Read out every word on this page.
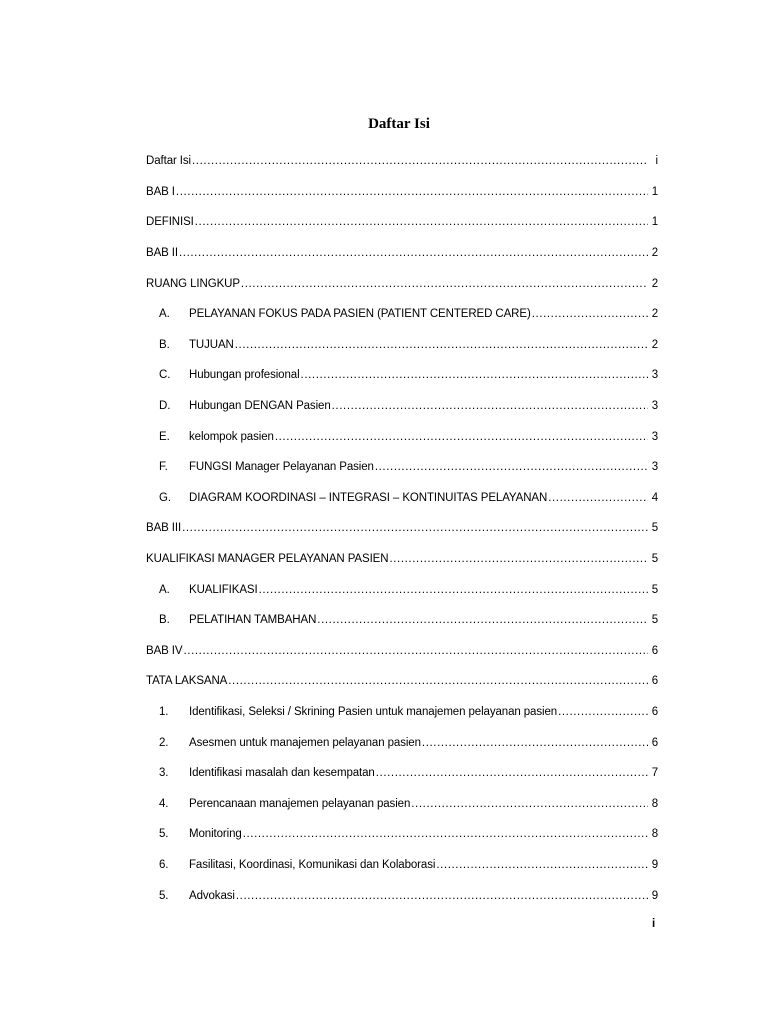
Daftar Isi
Daftar Isi .....	i
BAB I .....	1
DEFINISI .....	1
BAB II .....	2
RUANG LINGKUP .....	2
A.	PELAYANAN FOKUS PADA PASIEN (PATIENT CENTERED CARE) .....	2
B.	TUJUAN .....	2
C.	Hubungan profesional .....	3
D.	Hubungan DENGAN Pasien .....	3
E.	kelompok pasien .....	3
F.	FUNGSI Manager Pelayanan Pasien .....	3
G.	DIAGRAM KOORDINASI – INTEGRASI – KONTINUITAS PELAYANAN .....	4
BAB III .....	5
KUALIFIKASI MANAGER PELAYANAN PASIEN .....	5
A.	KUALIFIKASI .....	5
B.	PELATIHAN TAMBAHAN .....	5
BAB IV .....	6
TATA LAKSANA .....	6
1.	Identifikasi, Seleksi / Skrining Pasien untuk manajemen pelayanan pasien .....	6
2.	Asesmen untuk manajemen pelayanan pasien .....	6
3.	Identifikasi masalah dan kesempatan .....	7
4.	Perencanaan manajemen pelayanan pasien .....	8
5.	Monitoring .....	8
6.	Fasilitasi, Koordinasi, Komunikasi dan Kolaborasi .....	9
5.	Advokasi .....	9
i
